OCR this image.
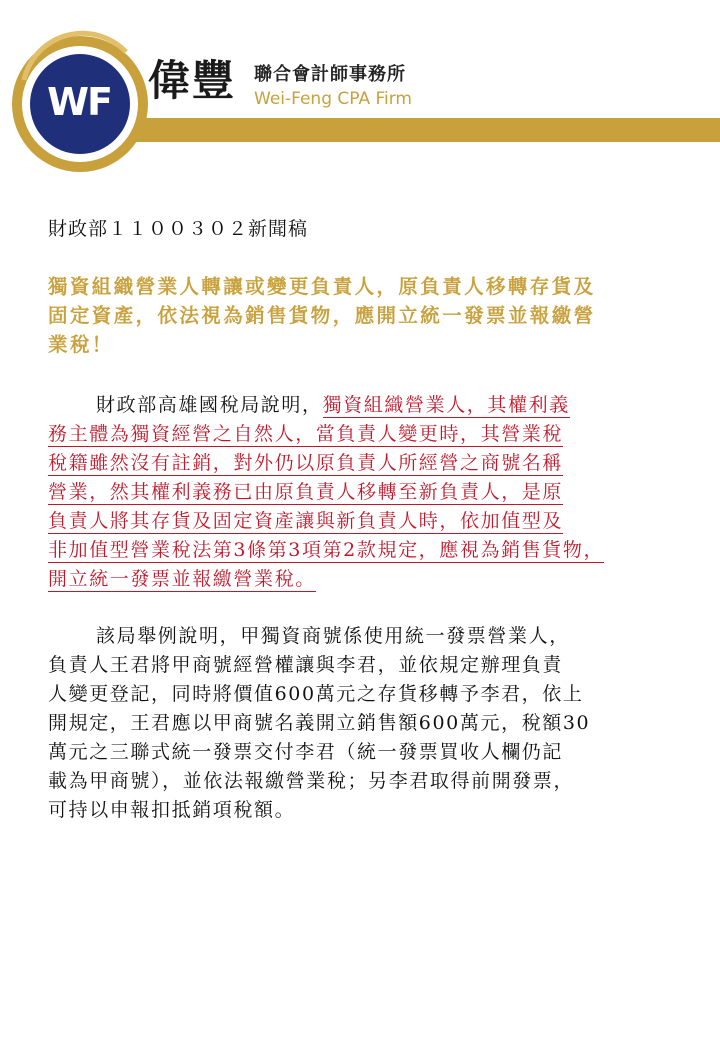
WF 偉豐 聯合會計師事務所
Wei-Feng CPA Firm
財政部１１００３０２新聞稿
獨資組織營業人轉讓或變更負責人，原負責人移轉存貨及
固定資產，依法視為銷售貨物，應開立統一發票並報繳營
業稅！
財政部高雄國稅局說明，獨資組織營業人，其權利義
務主體為獨資經營之自然人，當負責人變更時，其營業稅
稅籍雖然沒有註銷，對外仍以原負責人所經營之商號名稱
營業，然其權利義務已由原負責人移轉至新負責人，是原
負責人將其存貨及固定資產讓與新負責人時，依加值型及
非加值型營業稅法第3條第3項第2款規定，應視為銷售貨物，
開立統一發票並報繳營業稅。
該局舉例說明，甲獨資商號係使用統一發票營業人，
負責人王君將甲商號經營權讓與李君，並依規定辦理負責
人變更登記，同時將價值600萬元之存貨移轉予李君，依上
開規定，王君應以甲商號名義開立銷售額600萬元，稅額30
萬元之三聯式統一發票交付李君（統一發票買收人欄仍記
載為甲商號），並依法報繳營業稅；另李君取得前開發票，
可持以申報扣抵銷項稅額。
